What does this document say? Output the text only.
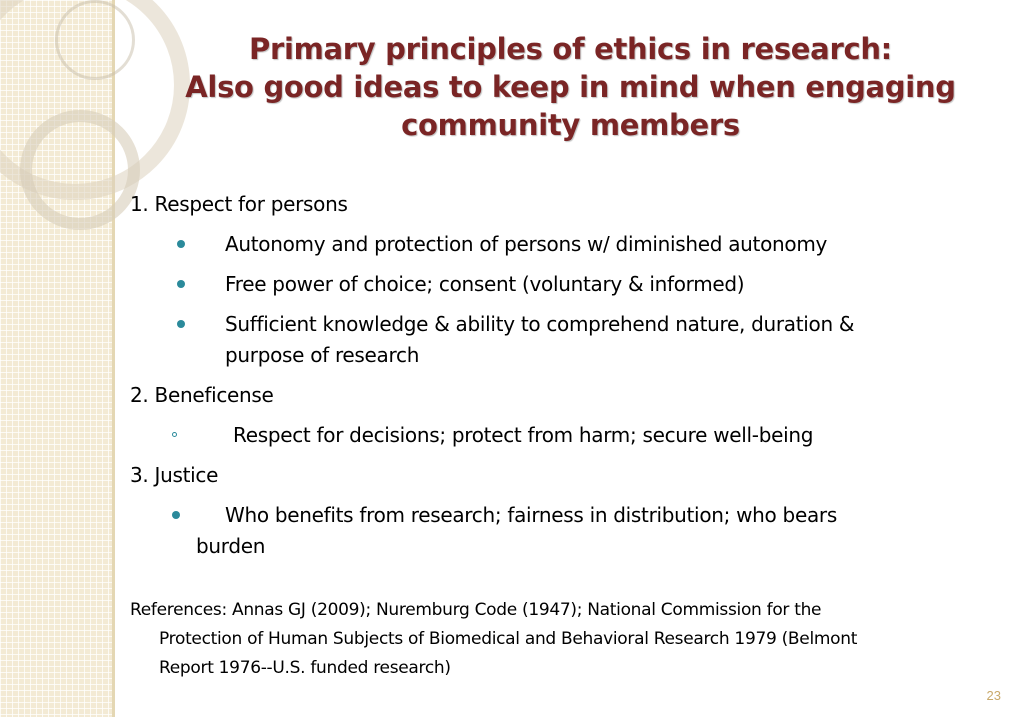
Primary principles of ethics in research:
Also good ideas to keep in mind when engaging
community members
1. Respect for persons
Autonomy and protection of persons w/ diminished autonomy
Free power of choice; consent (voluntary & informed)
Sufficient knowledge & ability to comprehend nature, duration &
purpose of research
2. Beneficense
Respect for decisions; protect from harm; secure well-being
3. Justice
Who benefits from research; fairness in distribution; who bears
burden
References: Annas GJ (2009); Nuremburg Code (1947); National Commission for the
Protection of Human Subjects of Biomedical and Behavioral Research 1979 (Belmont
Report 1976--U.S. funded research)
23
